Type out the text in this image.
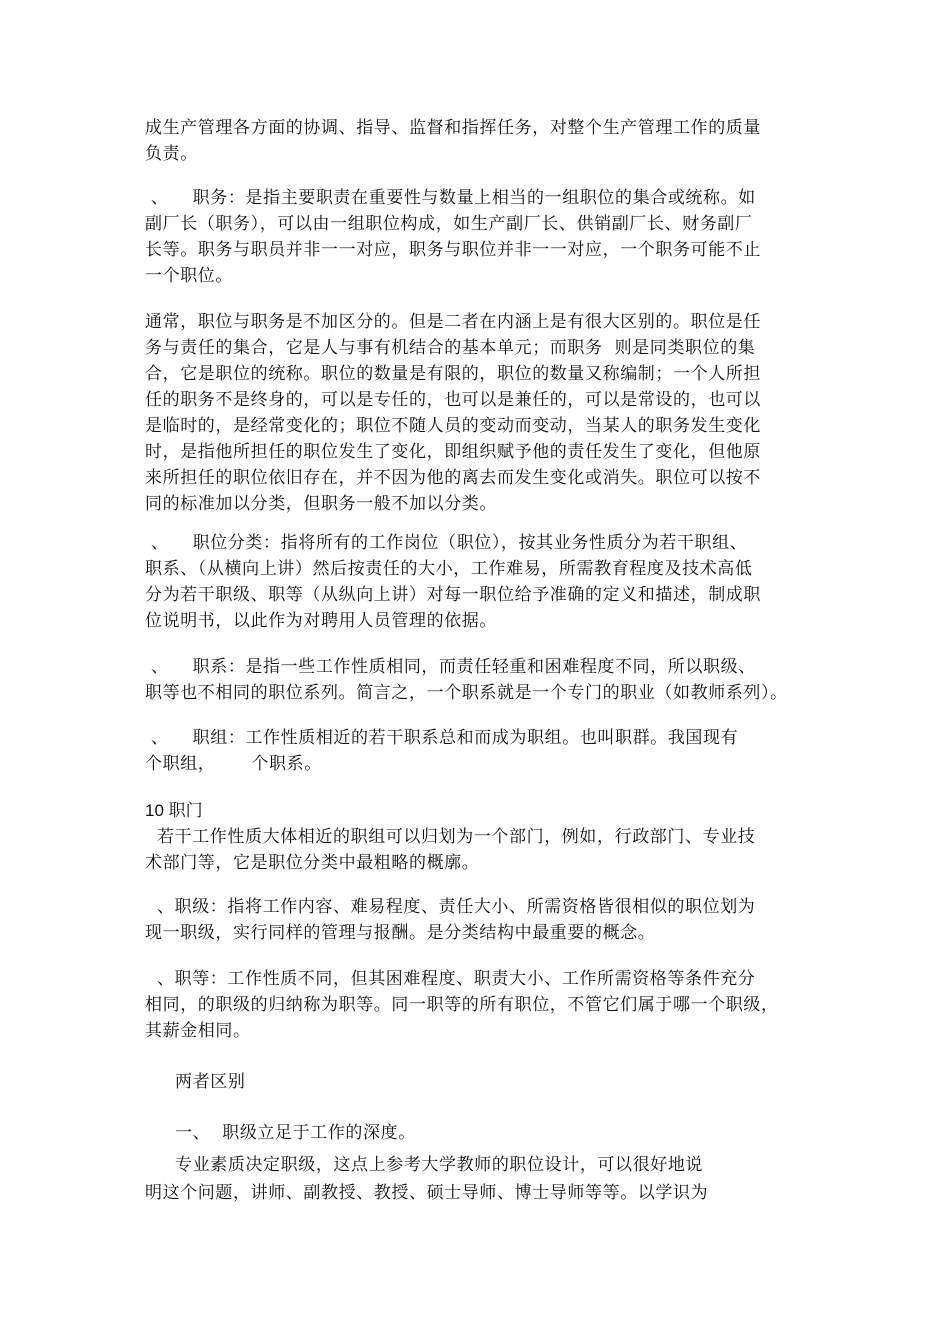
成生产管理各方面的协调、指导、监督和指挥任务，对整个生产管理工作的质量
负责。
、    职务：是指主要职责在重要性与数量上相当的一组职位的集合或统称。如
副厂长（职务），可以由一组职位构成，如生产副厂长、供销副厂长、财务副厂
长等。职务与职员并非一一对应，职务与职位并非一一对应，一个职务可能不止
一个职位。
通常，职位与职务是不加区分的。但是二者在内涵上是有很大区别的。职位是任
务与责任的集合，它是人与事有机结合的基本单元；而职务  则是同类职位的集
合，它是职位的统称。职位的数量是有限的，职位的数量又称编制；一个人所担
任的职务不是终身的，可以是专任的，也可以是兼任的，可以是常设的，也可以
是临时的，是经常变化的；职位不随人员的变动而变动，当某人的职务发生变化
时，是指他所担任的职位发生了变化，即组织赋予他的责任发生了变化，但他原
来所担任的职位依旧存在，并不因为他的离去而发生变化或消失。职位可以按不
同的标准加以分类，但职务一般不加以分类。
、    职位分类：指将所有的工作岗位（职位），按其业务性质分为若干职组、
职系、（从横向上讲）然后按责任的大小，工作难易，所需教育程度及技术高低
分为若干职级、职等（从纵向上讲）对每一职位给予准确的定义和描述，制成职
位说明书，以此作为对聘用人员管理的依据。
、    职系：是指一些工作性质相同，而责任轻重和困难程度不同，所以职级、
职等也不相同的职位系列。简言之，一个职系就是一个专门的职业（如教师系列）。
、    职组：工作性质相近的若干职系总和而成为职组。也叫职群。我国现有
个职组，      个职系。
10 职门
若干工作性质大体相近的职组可以归划为一个部门，例如，行政部门、专业技
术部门等，它是职位分类中最粗略的概廓。
、职级：指将工作内容、难易程度、责任大小、所需资格皆很相似的职位划为
现一职级，实行同样的管理与报酬。是分类结构中最重要的概念。
、职等：工作性质不同，但其困难程度、职责大小、工作所需资格等条件充分
相同，的职级的归纳称为职等。同一职等的所有职位，不管它们属于哪一个职级，
其薪金相同。
两者区别
一、  职级立足于工作的深度。
专业素质决定职级，这点上参考大学教师的职位设计，可以很好地说
明这个问题，讲师、副教授、教授、硕士导师、博士导师等等。以学识为
